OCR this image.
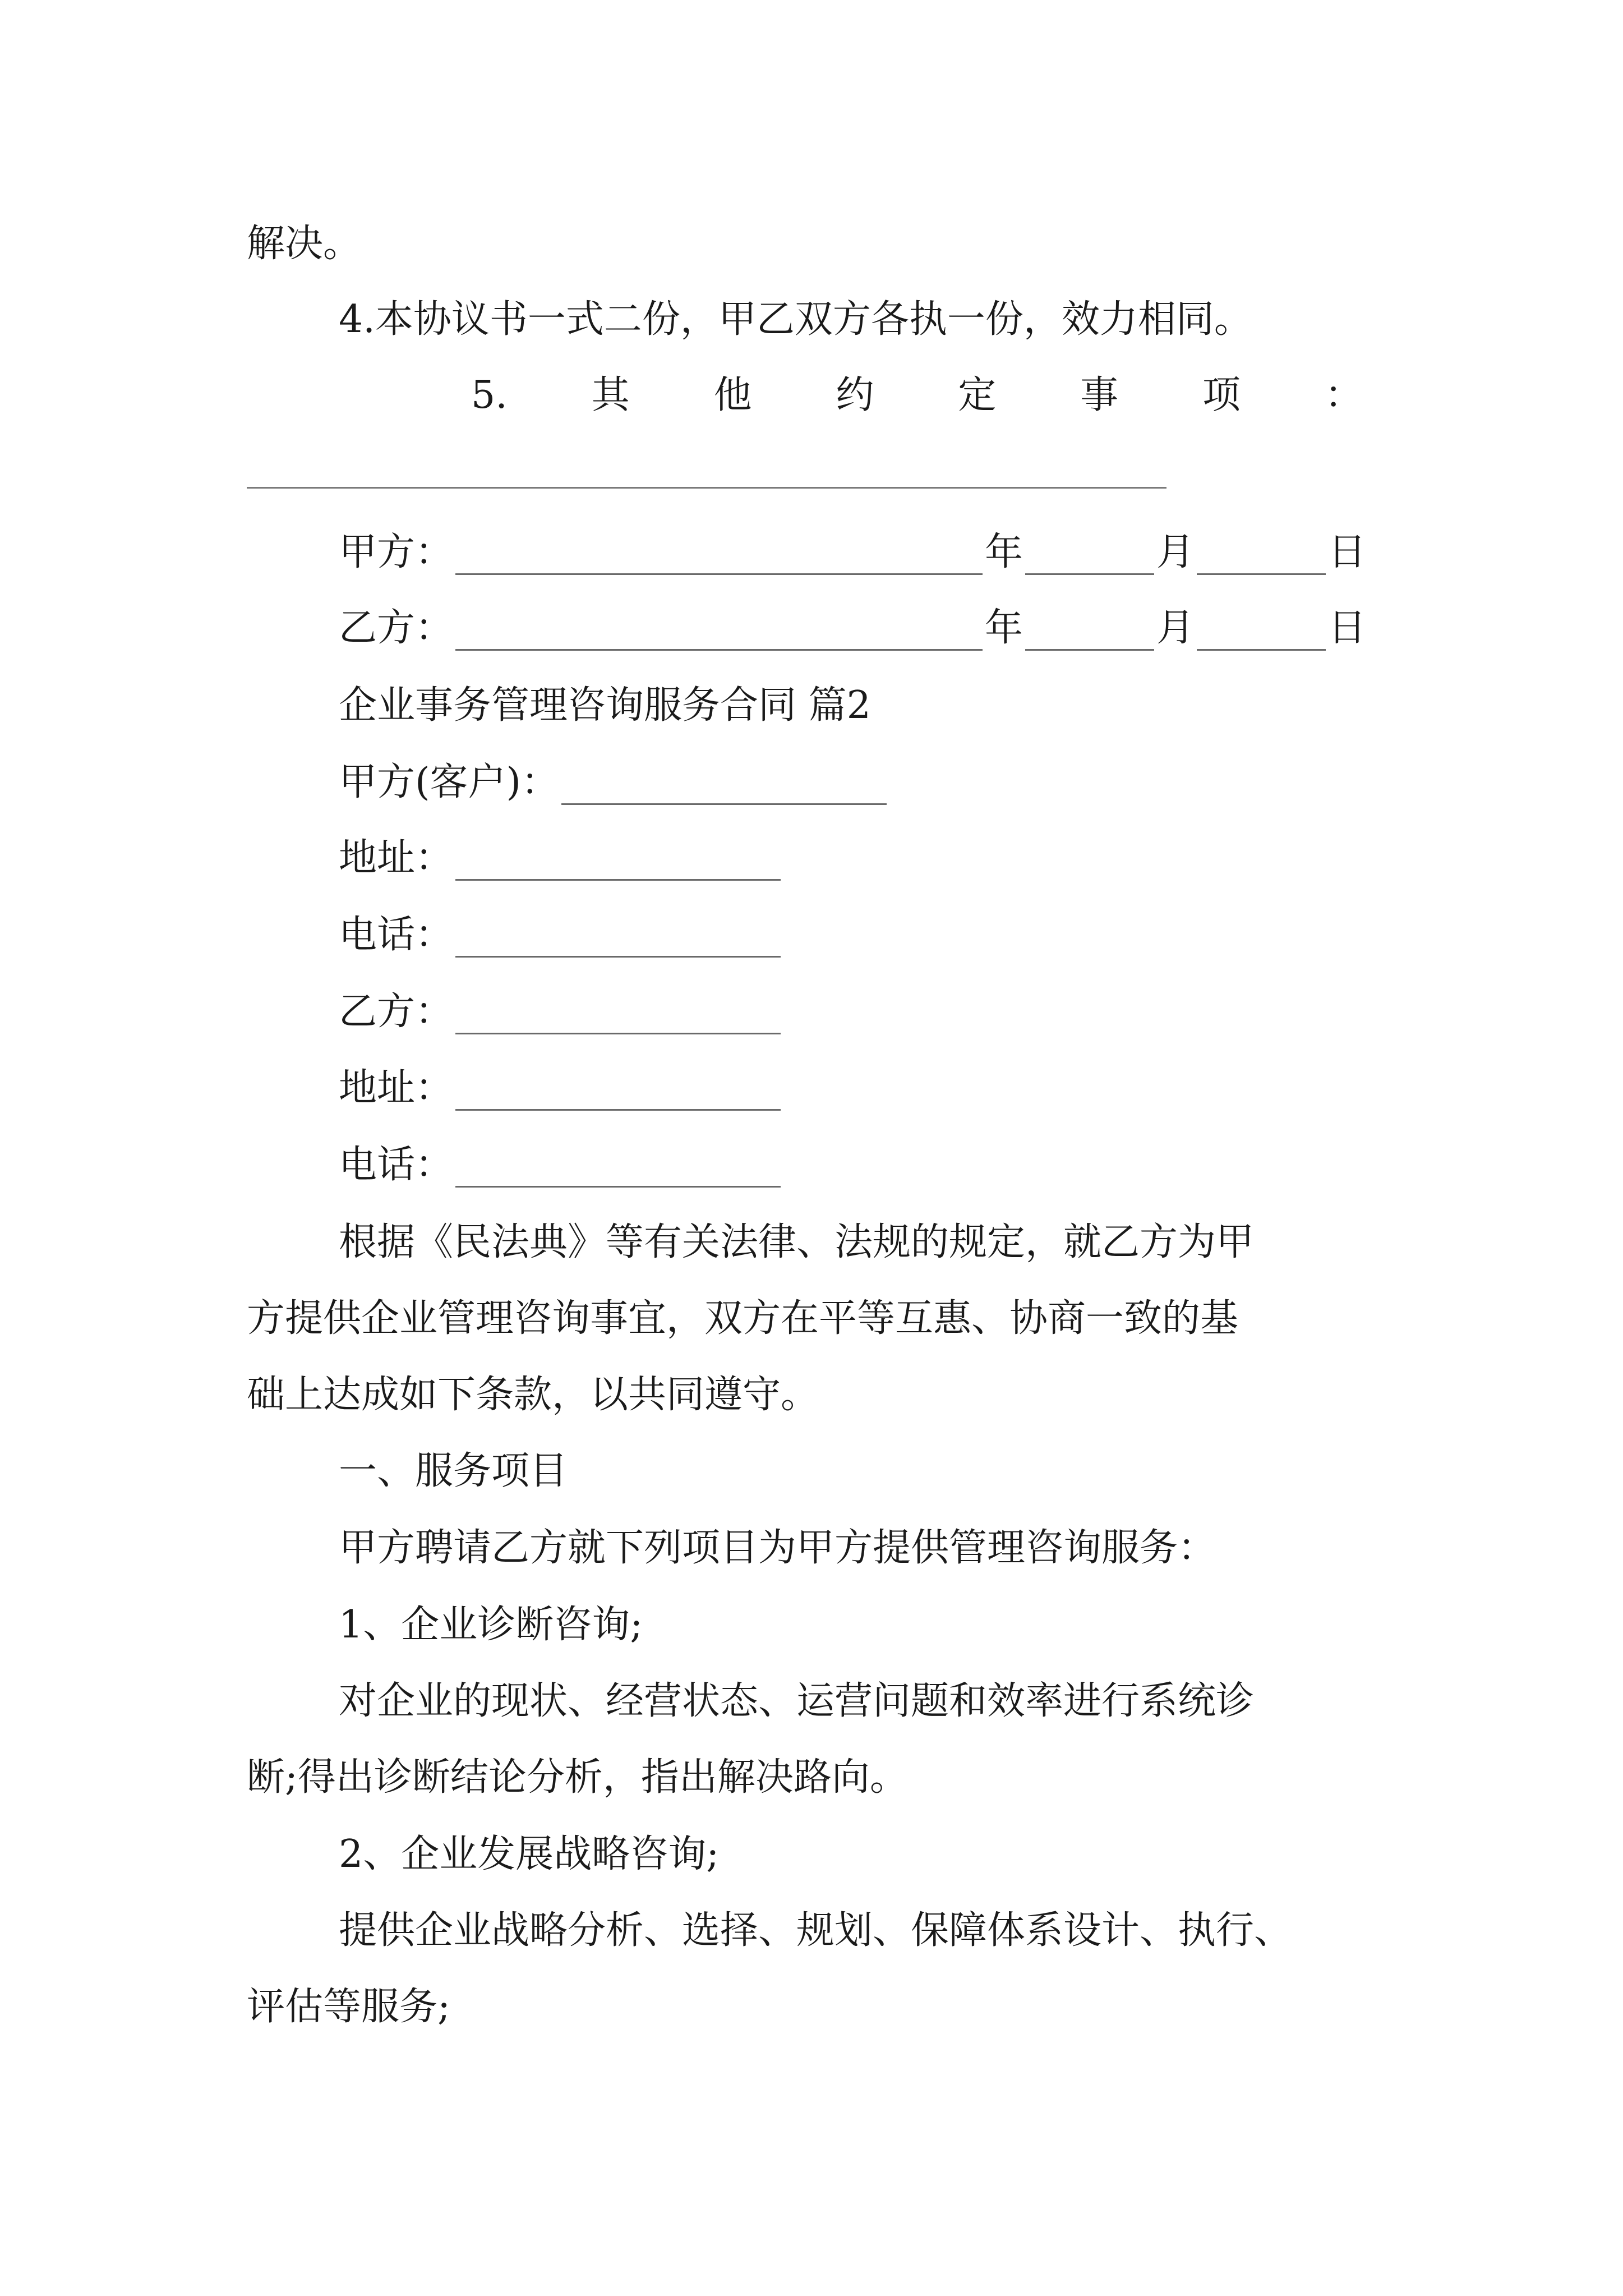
解决。
4.本协议书一式二份，甲乙双方各执一份，效力相同。
5. 其 他 约 定 事 项 ：
甲方：	年	月	日
乙方：	年	月	日
企业事务管理咨询服务合同 篇2
甲方(客户)：
地址：
电话：
乙方：
地址：
电话：
根据《民法典》等有关法律、法规的规定，就乙方为甲
方提供企业管理咨询事宜，双方在平等互惠、协商一致的基
础上达成如下条款，以共同遵守。
一、服务项目
甲方聘请乙方就下列项目为甲方提供管理咨询服务：
1、企业诊断咨询;
对企业的现状、经营状态、运营问题和效率进行系统诊
断;得出诊断结论分析，指出解决路向。
2、企业发展战略咨询;
提供企业战略分析、选择、规划、保障体系设计、执行、
评估等服务;
